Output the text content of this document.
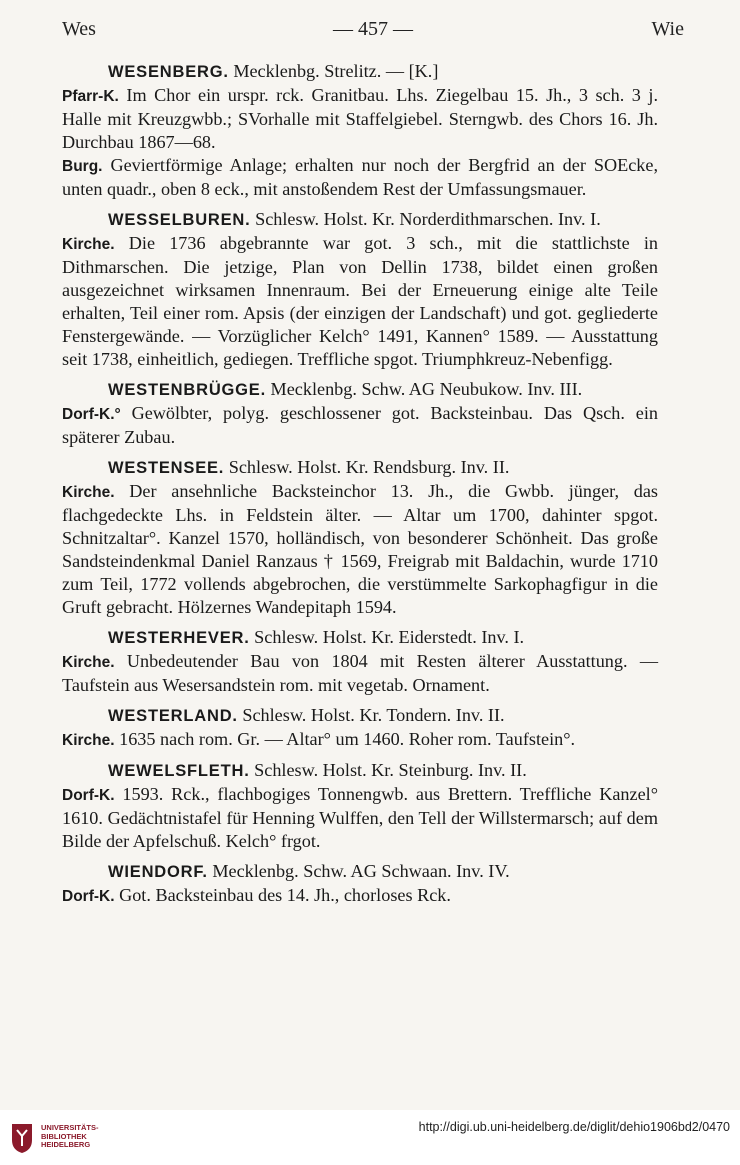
Wes	— 457 —	Wie

WESENBERG. Mecklenbg. Strelitz. — [K.]

Pfarr-K. Im Chor ein urspr. rck. Granitbau. Lhs. Ziegelbau 15. Jh., 3 sch. 3 j. Halle mit Kreuzgwbb.; SVorhalle mit Staffelgiebel. Sterngwb. des Chors 16. Jh. Durchbau 1867—68.

Burg. Geviertförmige Anlage; erhalten nur noch der Bergfrid an der SOEcke, unten quadr., oben 8 eck., mit anstoßendem Rest der Umfassungsmauer.

WESSELBUREN. Schlesw. Holst. Kr. Norderdithmarschen. Inv. I.

Kirche. Die 1736 abgebrannte war got. 3 sch., mit die stattlichste in Dithmarschen. Die jetzige, Plan von Dellin 1738, bildet einen großen ausgezeichnet wirksamen Innenraum. Bei der Erneuerung einige alte Teile erhalten, Teil einer rom. Apsis (der einzigen der Landschaft) und got. gegliederte Fenstergewände. — Vorzüglicher Kelch° 1491, Kannen° 1589. — Ausstattung seit 1738, einheitlich, gediegen. Treffliche spgot. Triumphkreuz-Nebenfigg.

WESTENBRÜGGE. Mecklenbg. Schw. AG Neubukow. Inv. III.

Dorf-K.° Gewölbter, polyg. geschlossener got. Backsteinbau. Das Qsch. ein späterer Zubau.

WESTENSEE. Schlesw. Holst. Kr. Rendsburg. Inv. II.

Kirche. Der ansehnliche Backsteinchor 13. Jh., die Gwbb. jünger, das flachgedeckte Lhs. in Feldstein älter. — Altar um 1700, dahinter spgot. Schnitzaltar°. Kanzel 1570, holländisch, von besonderer Schönheit. Das große Sandsteindenkmal Daniel Ranzaus † 1569, Freigrab mit Baldachin, wurde 1710 zum Teil, 1772 vollends abgebrochen, die verstümmelte Sarkophagfigur in die Gruft gebracht. Hölzernes Wandepitaph 1594.

WESTERHEVER. Schlesw. Holst. Kr. Eiderstedt. Inv. I.

Kirche. Unbedeutender Bau von 1804 mit Resten älterer Ausstattung. — Taufstein aus Wesersandstein rom. mit vegetab. Ornament.

WESTERLAND. Schlesw. Holst. Kr. Tondern. Inv. II.

Kirche. 1635 nach rom. Gr. — Altar° um 1460. Roher rom. Taufstein°.

WEWELSFLETH. Schlesw. Holst. Kr. Steinburg. Inv. II.

Dorf-K. 1593. Rck., flachbogiges Tonnengwb. aus Brettern. Treffliche Kanzel° 1610. Gedächtnistafel für Henning Wulffen, den Tell der Willstermarsch; auf dem Bilde der Apfelschuß. Kelch° frgot.

WIENDORF. Mecklenbg. Schw. AG Schwaan. Inv. IV.

Dorf-K. Got. Backsteinbau des 14. Jh., chorloses Rck.

UNIVERSITÄTS-
BIBLIOTHEK
HEIDELBERG
http://digi.ub.uni-heidelberg.de/diglit/dehio1906bd2/0470
